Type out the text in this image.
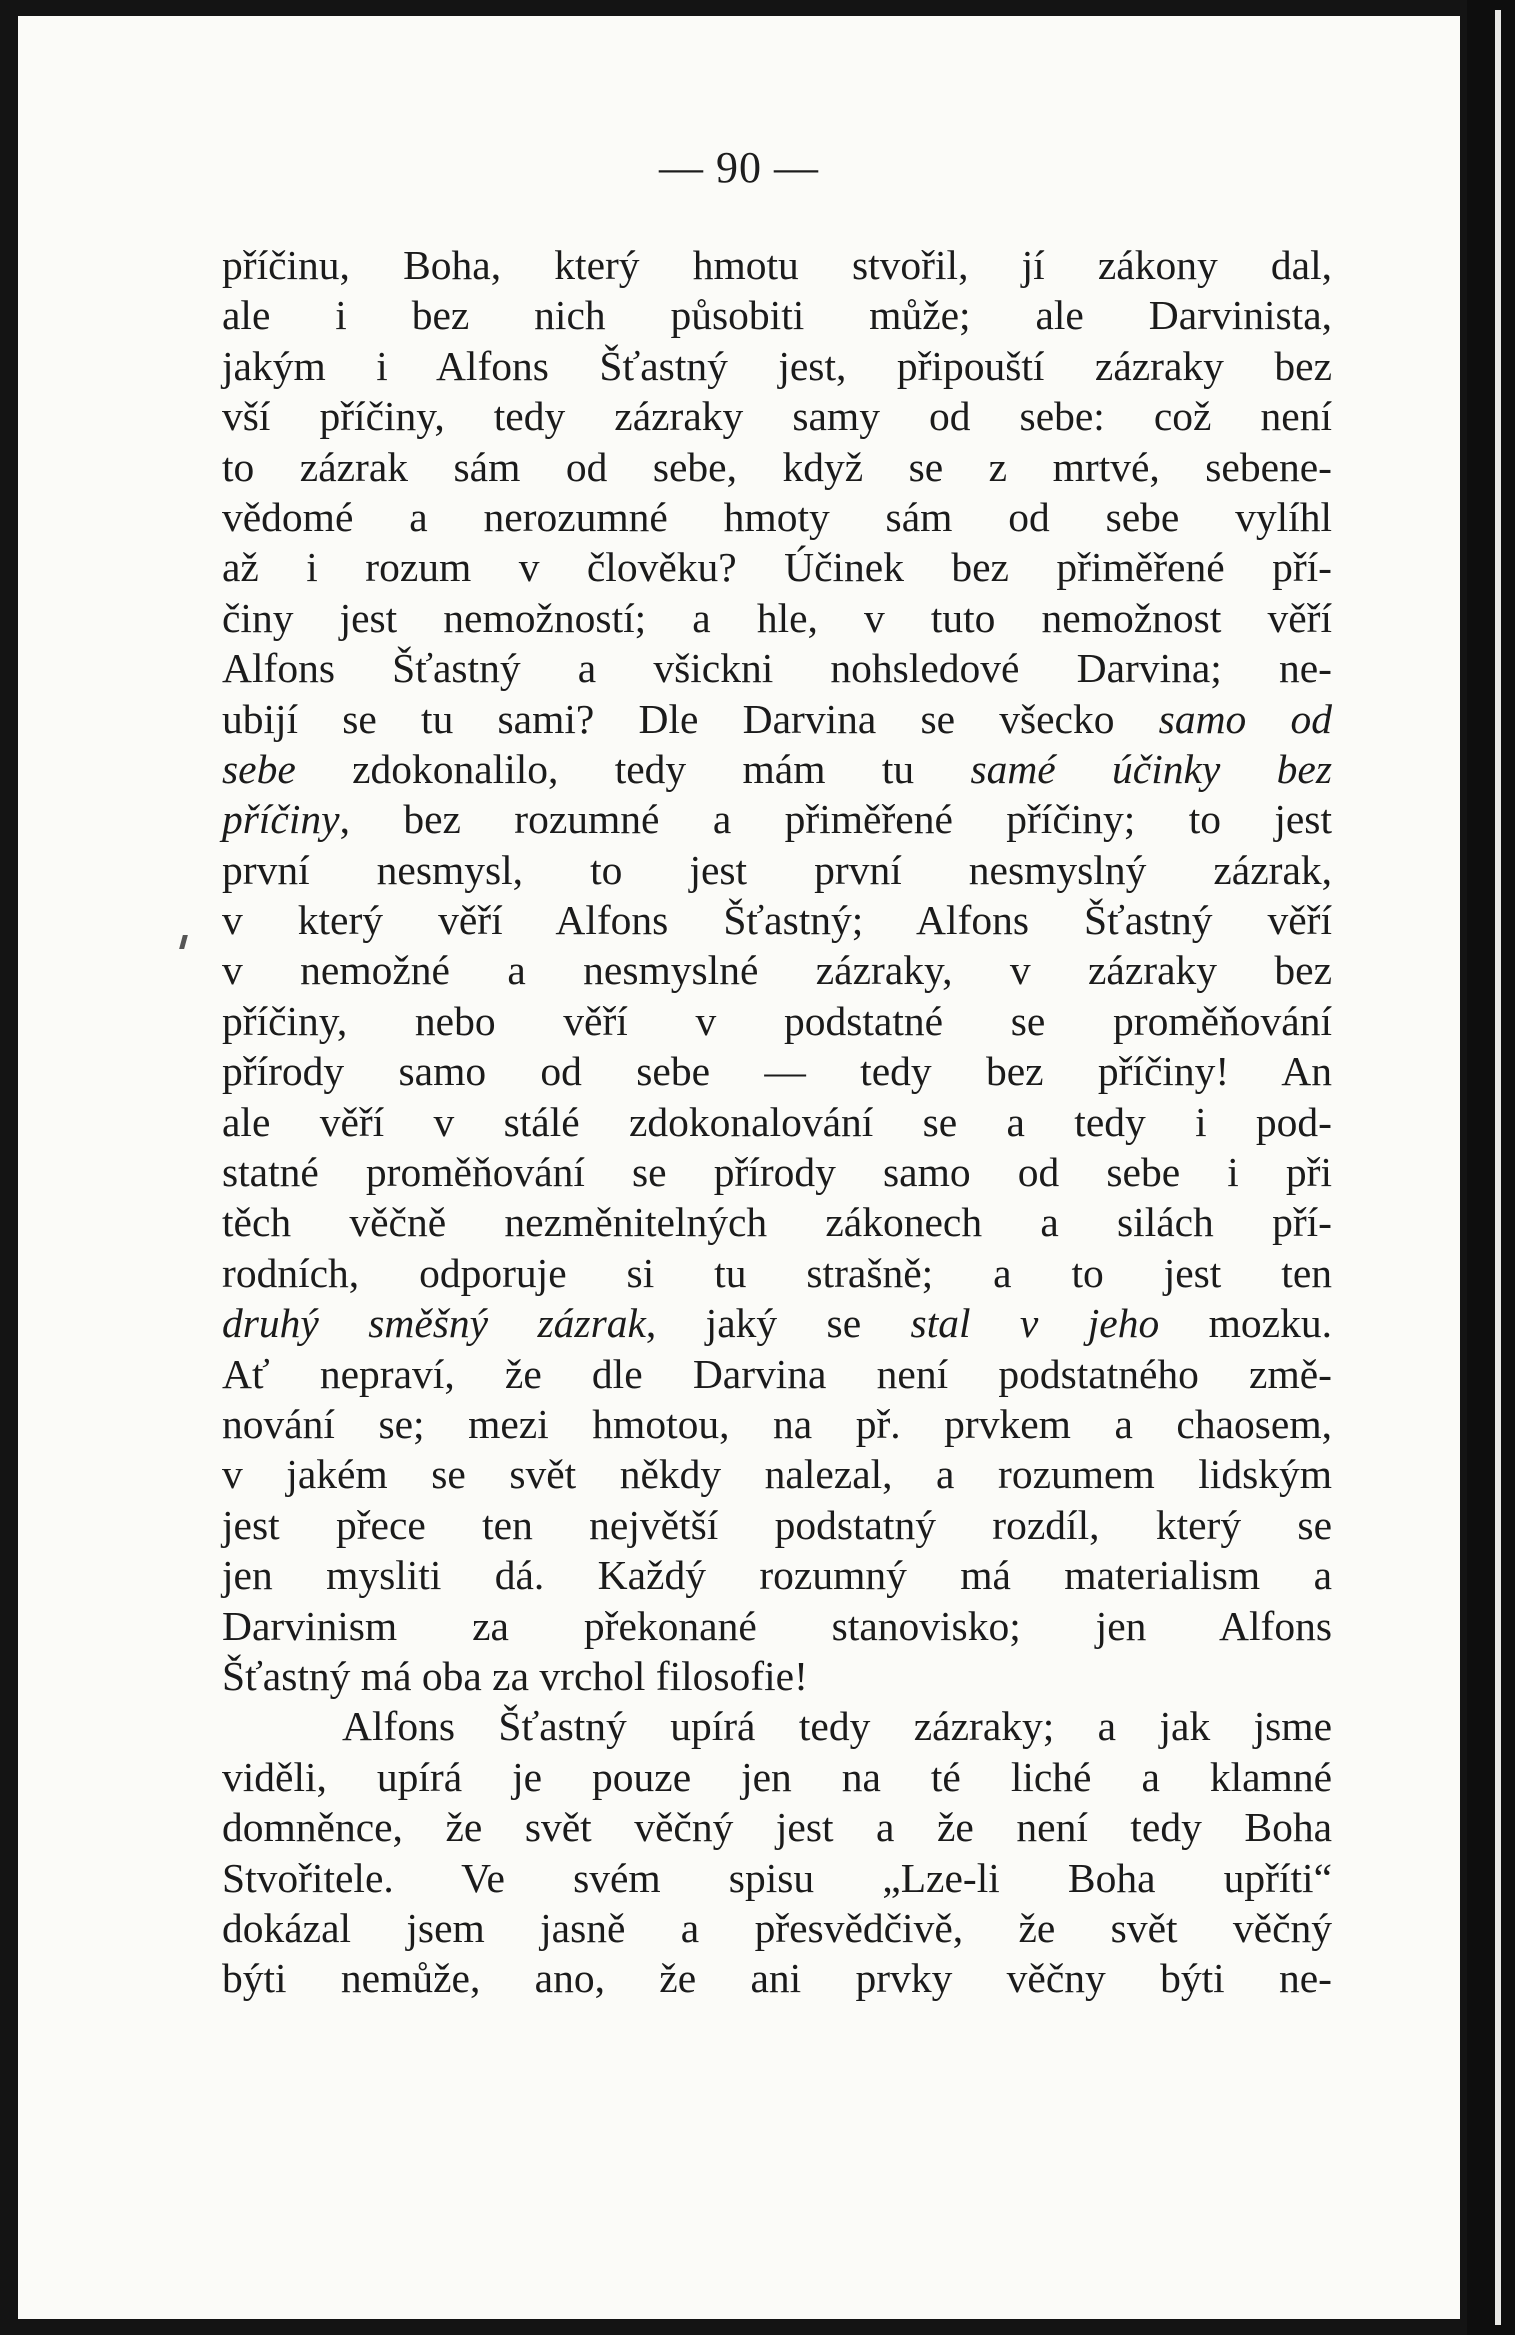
— 90 —
příčinu, Boha, který hmotu stvořil, jí zákony dal,
ale i bez nich působiti může; ale Darvinista,
jakým i Alfons Šťastný jest, připouští zázraky bez
vší příčiny, tedy zázraky samy od sebe: což není
to zázrak sám od sebe, když se z mrtvé, sebene-
vědomé a nerozumné hmoty sám od sebe vylíhl
až i rozum v člověku? Účinek bez přiměřené pří-
činy jest nemožností; a hle, v tuto nemožnost věří
Alfons Šťastný a všickni nohsledové Darvina; ne-
ubijí se tu sami? Dle Darvina se všecko samo od
sebe zdokonalilo, tedy mám tu samé účinky bez
příčiny, bez rozumné a přiměřené příčiny; to jest
první nesmysl, to jest první nesmyslný zázrak,
v který věří Alfons Šťastný; Alfons Šťastný věří
v nemožné a nesmyslné zázraky, v zázraky bez
příčiny, nebo věří v podstatné se proměňování
přírody samo od sebe — tedy bez příčiny! An
ale věří v stálé zdokonalování se a tedy i pod-
statné proměňování se přírody samo od sebe i při
těch věčně nezměnitelných zákonech a silách pří-
rodních, odporuje si tu strašně; a to jest ten
druhý směšný zázrak, jaký se stal v jeho mozku.
Ať nepraví, že dle Darvina není podstatného změ-
nování se; mezi hmotou, na př. prvkem a chaosem,
v jakém se svět někdy nalezal, a rozumem lidským
jest přece ten největší podstatný rozdíl, který se
jen mysliti dá. Každý rozumný má materialism a
Darvinism za překonané stanovisko; jen Alfons
Šťastný má oba za vrchol filosofie!
Alfons Šťastný upírá tedy zázraky; a jak jsme
viděli, upírá je pouze jen na té liché a klamné
domněnce, že svět věčný jest a že není tedy Boha
Stvořitele. Ve svém spisu „Lze-li Boha upříti“
dokázal jsem jasně a přesvědčivě, že svět věčný
býti nemůže, ano, že ani prvky věčny býti ne-
